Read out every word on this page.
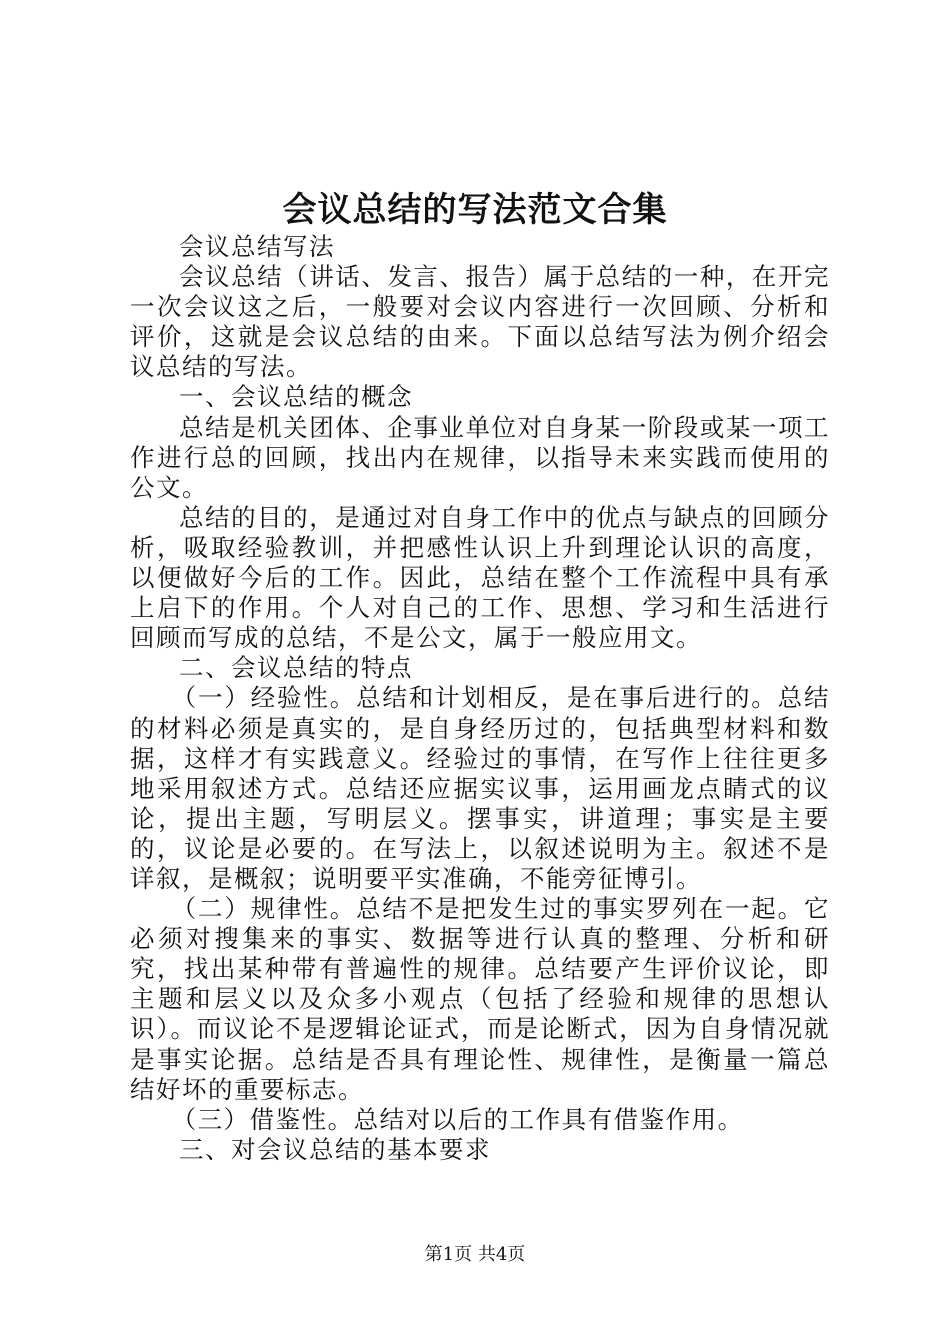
会议总结的写法范文合集

会议总结写法

会议总结（讲话、发言、报告）属于总结的一种，在开完一次会议这之后，一般要对会议内容进行一次回顾、分析和评价，这就是会议总结的由来。下面以总结写法为例介绍会议总结的写法。

一、会议总结的概念

总结是机关团体、企事业单位对自身某一阶段或某一项工作进行总的回顾，找出内在规律，以指导未来实践而使用的公文。

总结的目的，是通过对自身工作中的优点与缺点的回顾分析，吸取经验教训，并把感性认识上升到理论认识的高度，以便做好今后的工作。因此，总结在整个工作流程中具有承上启下的作用。个人对自己的工作、思想、学习和生活进行回顾而写成的总结，不是公文，属于一般应用文。

二、会议总结的特点

（一）经验性。总结和计划相反，是在事后进行的。总结的材料必须是真实的，是自身经历过的，包括典型材料和数据，这样才有实践意义。经验过的事情，在写作上往往更多地采用叙述方式。总结还应据实议事，运用画龙点睛式的议论，提出主题，写明层义。摆事实，讲道理；事实是主要的，议论是必要的。在写法上，以叙述说明为主。叙述不是详叙，是概叙；说明要平实准确，不能旁征博引。

（二）规律性。总结不是把发生过的事实罗列在一起。它必须对搜集来的事实、数据等进行认真的整理、分析和研究，找出某种带有普遍性的规律。总结要产生评价议论，即主题和层义以及众多小观点（包括了经验和规律的思想认识）。而议论不是逻辑论证式，而是论断式，因为自身情况就是事实论据。总结是否具有理论性、规律性，是衡量一篇总结好坏的重要标志。

（三）借鉴性。总结对以后的工作具有借鉴作用。

三、对会议总结的基本要求

第1页 共4页
